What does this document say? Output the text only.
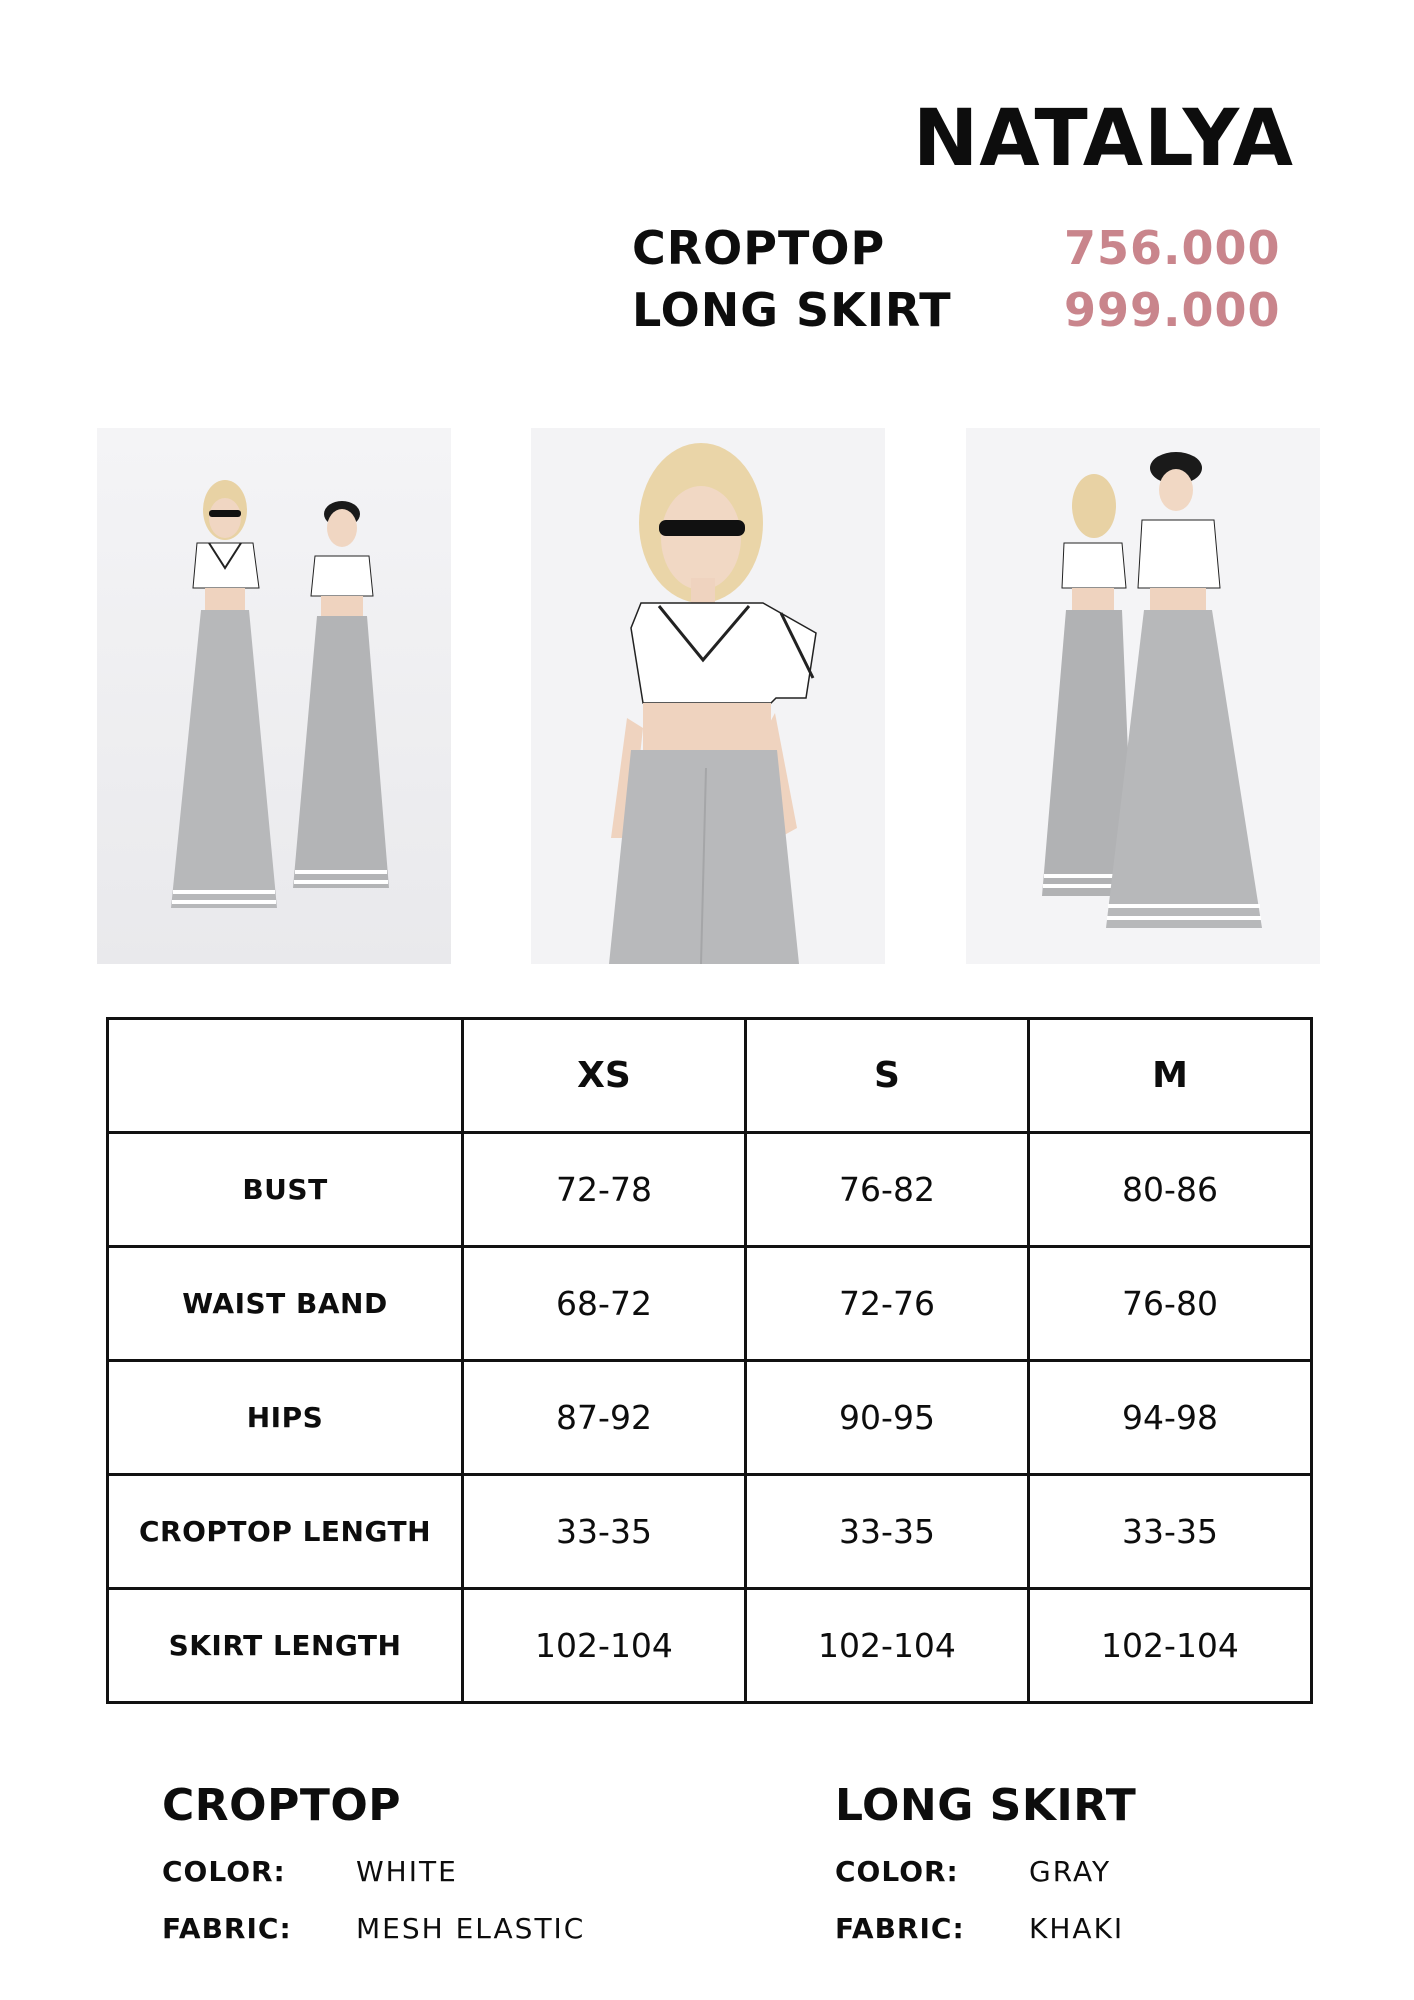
NATALYA
CROPTOP	756.000
LONG SKIRT 999.000
	XS	S	M
BUST	72-78	76-82	80-86
WAIST BAND	68-72	72-76	76-80
HIPS	87-92	90-95	94-98
CROPTOP LENGTH	33-35	33-35	33-35
SKIRT LENGTH	102-104	102-104	102-104
CROPTOP
COLOR:	WHITE
FABRIC: MESH ELASTIC
LONG SKIRT
COLOR:	GRAY
FABRIC: KHAKI
